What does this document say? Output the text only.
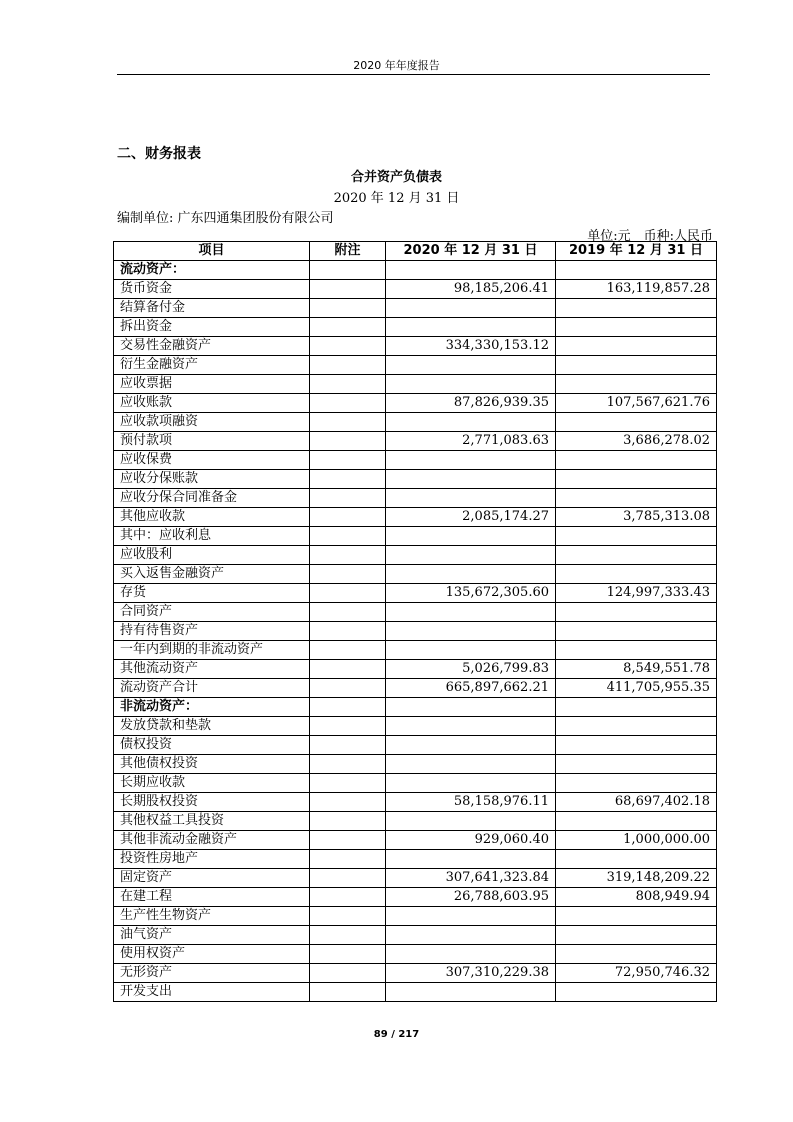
2020 年年度报告
二、财务报表
合并资产负债表
2020 年 12 月 31 日
编制单位: 广东四通集团股份有限公司
单位:元　币种:人民币
项目	附注	2020 年 12 月 31 日	2019 年 12 月 31 日
流动资产：			
货币资金		98,185,206.41	163,119,857.28
结算备付金			
拆出资金			
交易性金融资产		334,330,153.12	
衍生金融资产			
应收票据			
应收账款		87,826,939.35	107,567,621.76
应收款项融资			
预付款项		2,771,083.63	3,686,278.02
应收保费			
应收分保账款			
应收分保合同准备金			
其他应收款		2,085,174.27	3,785,313.08
其中：应收利息			
应收股利			
买入返售金融资产			
存货		135,672,305.60	124,997,333.43
合同资产			
持有待售资产			
一年内到期的非流动资产			
其他流动资产		5,026,799.83	8,549,551.78
流动资产合计		665,897,662.21	411,705,955.35
非流动资产：			
发放贷款和垫款			
债权投资			
其他债权投资			
长期应收款			
长期股权投资		58,158,976.11	68,697,402.18
其他权益工具投资			
其他非流动金融资产		929,060.40	1,000,000.00
投资性房地产			
固定资产		307,641,323.84	319,148,209.22
在建工程		26,788,603.95	808,949.94
生产性生物资产			
油气资产			
使用权资产			
无形资产		307,310,229.38	72,950,746.32
开发支出			
89 / 217
